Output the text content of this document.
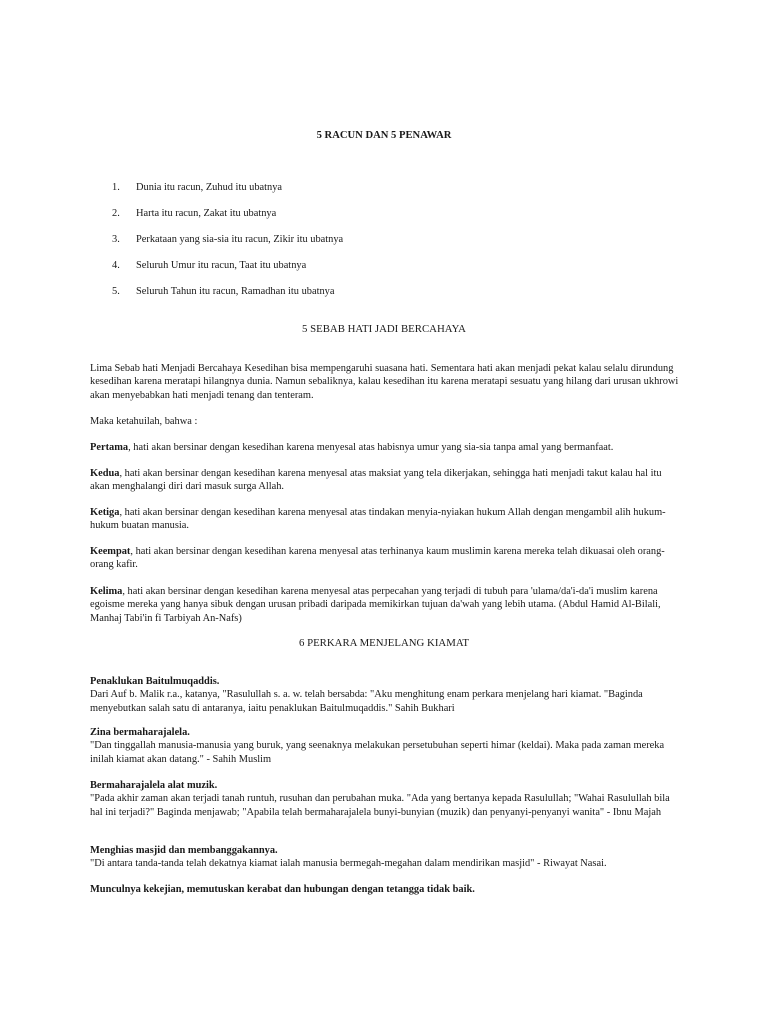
5 RACUN DAN 5 PENAWAR
1.	Dunia itu racun, Zuhud itu ubatnya
2.	Harta itu racun, Zakat itu ubatnya
3.	Perkataan yang sia-sia itu racun, Zikir itu ubatnya
4.	Seluruh Umur itu racun, Taat itu ubatnya
5.	Seluruh Tahun itu racun, Ramadhan itu ubatnya
5 SEBAB HATI JADI BERCAHAYA

Lima Sebab hati Menjadi Bercahaya Kesedihan bisa mempengaruhi suasana hati. Sementara hati akan menjadi pekat kalau selalu dirundung kesedihan karena meratapi hilangnya dunia. Namun sebaliknya, kalau kesedihan itu karena meratapi sesuatu yang hilang dari urusan ukhrowi akan menyebabkan hati menjadi tenang dan tenteram.

Maka ketahuilah, bahwa :

Pertama, hati akan bersinar dengan kesedihan karena menyesal atas habisnya umur yang sia-sia tanpa amal yang bermanfaat.

Kedua, hati akan bersinar dengan kesedihan karena menyesal atas maksiat yang tela dikerjakan, sehingga hati menjadi takut kalau hal itu akan menghalangi diri dari masuk surga Allah.

Ketiga, hati akan bersinar dengan kesedihan karena menyesal atas tindakan menyia-nyiakan hukum Allah dengan mengambil alih hukum-hukum buatan manusia.

Keempat, hati akan bersinar dengan kesedihan karena menyesal atas terhinanya kaum muslimin karena mereka telah dikuasai oleh orang-orang kafir.

Kelima, hati akan bersinar dengan kesedihan karena menyesal atas perpecahan yang terjadi di tubuh para 'ulama/da'i-da'i muslim karena egoisme mereka yang hanya sibuk dengan urusan pribadi daripada memikirkan tujuan da'wah yang lebih utama. (Abdul Hamid Al-Bilali, Manhaj Tabi'in fi Tarbiyah An-Nafs)

6 PERKARA MENJELANG KIAMAT

Penaklukan Baitulmuqaddis.

Dari Auf b. Malik r.a., katanya, "Rasulullah s. a. w. telah bersabda: "Aku menghitung enam perkara menjelang hari kiamat. "Baginda menyebutkan salah satu di antaranya, iaitu penaklukan Baitulmuqaddis." Sahih Bukhari

Zina bermaharajalela.

"Dan tinggallah manusia-manusia yang buruk, yang seenaknya melakukan persetubuhan seperti himar (keldai). Maka pada zaman mereka inilah kiamat akan datang." - Sahih Muslim

Bermaharajalela alat muzik.

"Pada akhir zaman akan terjadi tanah runtuh, rusuhan dan perubahan muka. "Ada yang bertanya kepada Rasulullah; "Wahai Rasulullah bila hal ini terjadi?" Baginda menjawab; "Apabila telah bermaharajalela bunyi-bunyian (muzik) dan penyanyi-penyanyi wanita" - Ibnu Majah

Menghias masjid dan membanggakannya.

"Di antara tanda-tanda telah dekatnya kiamat ialah manusia bermegah-megahan dalam mendirikan masjid" - Riwayat Nasai.

Munculnya kekejian, memutuskan kerabat dan hubungan dengan tetangga tidak baik.
